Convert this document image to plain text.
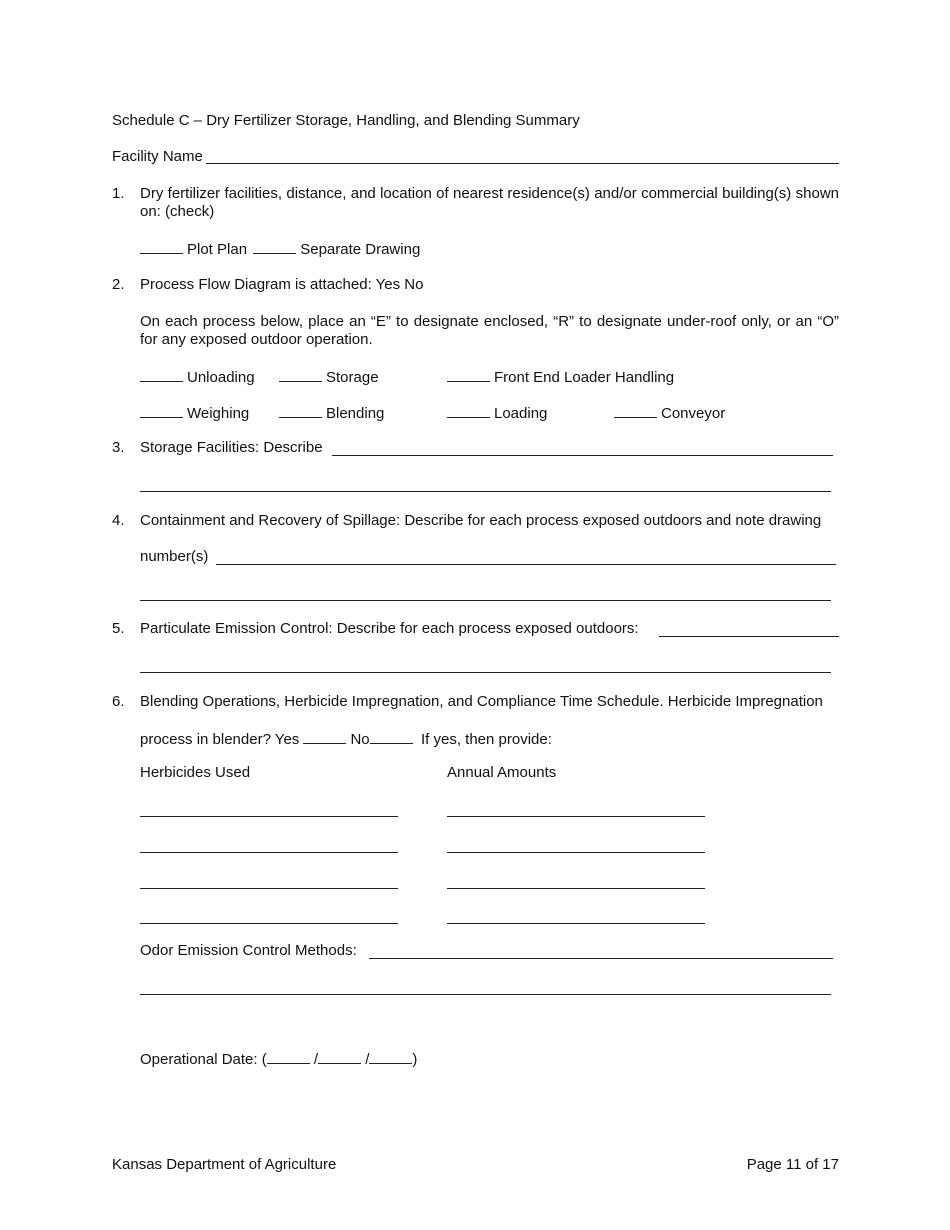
Schedule C – Dry Fertilizer Storage, Handling, and Blending Summary
Facility Name
1. Dry fertilizer facilities, distance, and location of nearest residence(s) and/or commercial building(s) shown on: (check)
Plot Plan	Separate Drawing
2. Process Flow Diagram is attached: Yes No
On each process below, place an “E” to designate enclosed, “R” to designate under-roof only, or an “O” for any exposed outdoor operation.
Unloading	Storage	Front End Loader Handling
Weighing	Blending	Loading	Conveyor
3. Storage Facilities: Describe
4. Containment and Recovery of Spillage: Describe for each process exposed outdoors and note drawing
number(s)
5. Particulate Emission Control: Describe for each process exposed outdoors:
6. Blending Operations, Herbicide Impregnation, and Compliance Time Schedule. Herbicide Impregnation
process in blender? Yes	No	If yes, then provide:
Herbicides Used	Annual Amounts
Odor Emission Control Methods:
Operational Date: (	/	/	)
Kansas Department of Agriculture	Page 11 of 17
